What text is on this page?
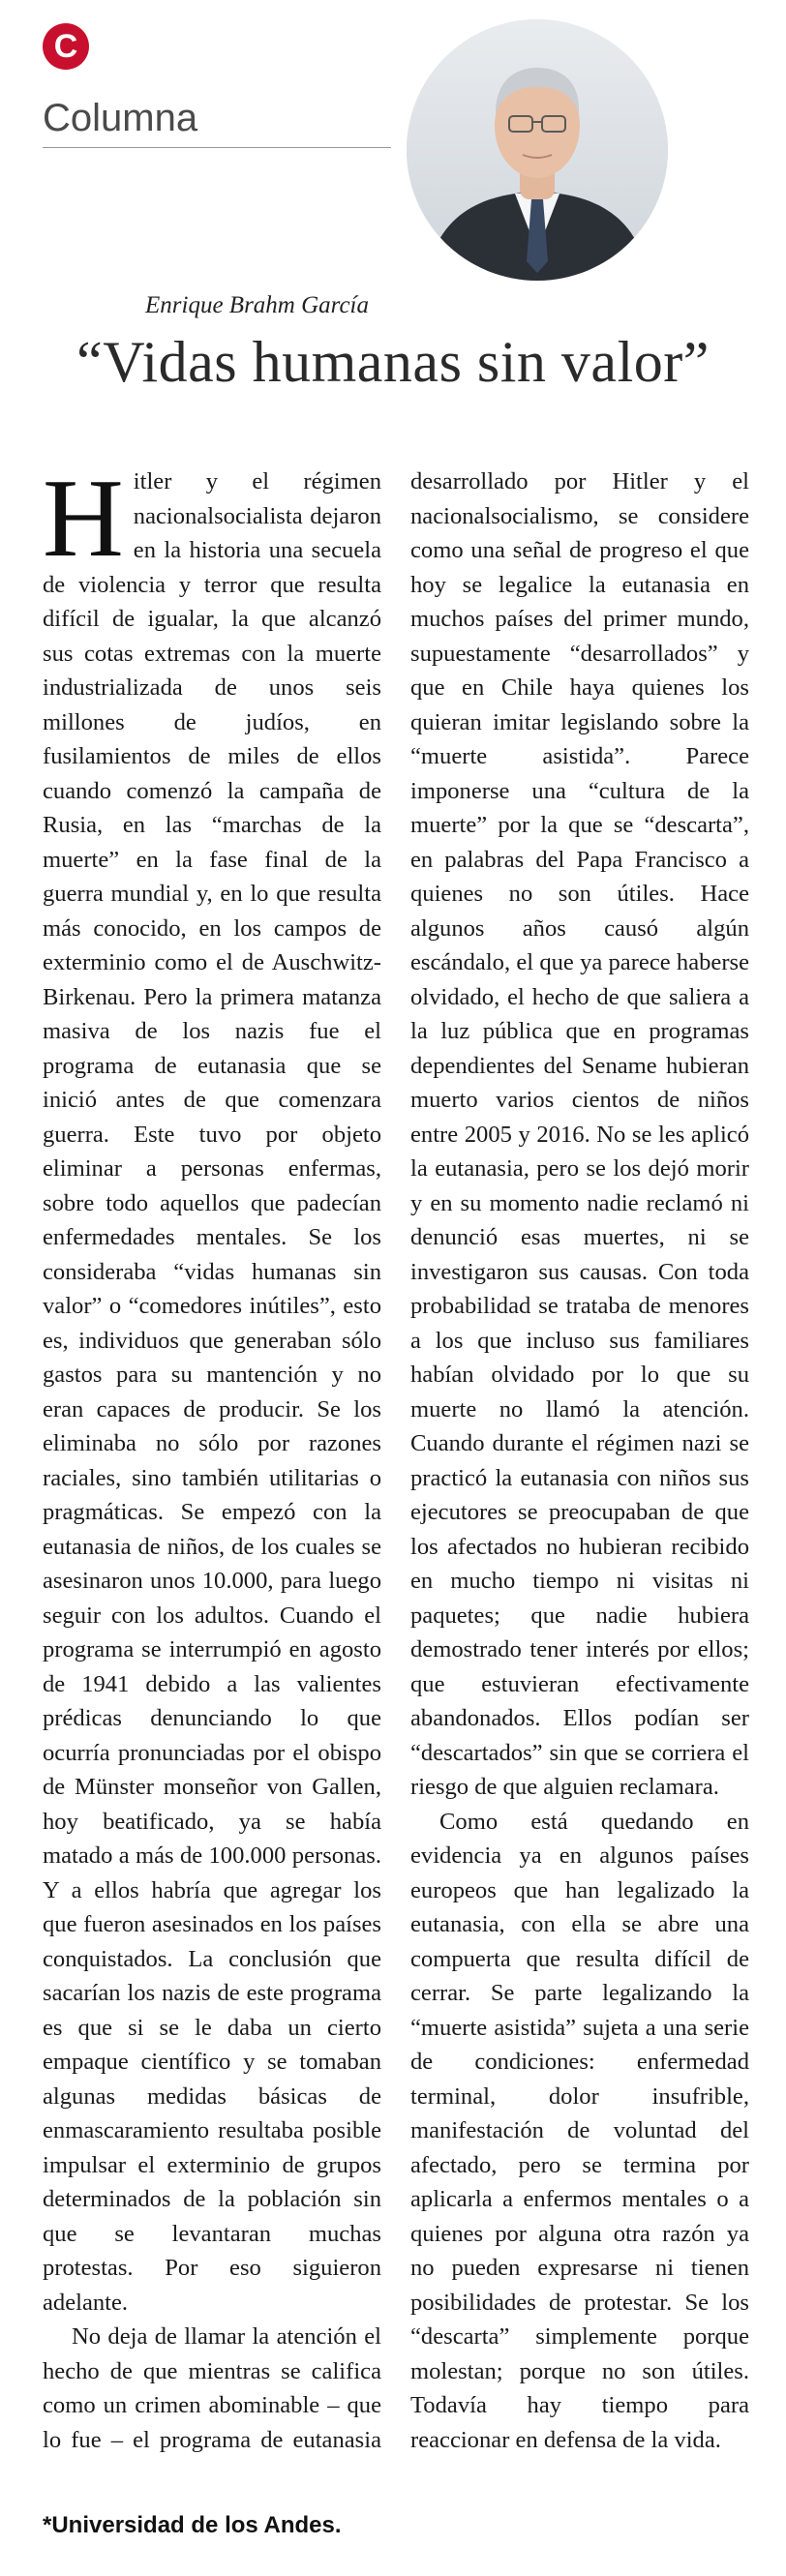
C
Columna
Enrique Brahm García
“Vidas humanas sin valor”

Hitler y el régimen nacionalsocialista dejaron en la historia una secuela de violencia y terror que resulta difícil de igualar, la que alcanzó sus cotas extremas con la muerte industrializada de unos seis millones de judíos, en fusilamientos de miles de ellos cuando comenzó la campaña de Rusia, en las “marchas de la muerte” en la fase final de la guerra mundial y, en lo que resulta más conocido, en los campos de exterminio como el de Auschwitz-Birkenau. Pero la primera matanza masiva de los nazis fue el programa de eutanasia que se inició antes de que comenzara guerra. Este tuvo por objeto eliminar a personas enfermas, sobre todo aquellos que padecían enfermedades mentales. Se los consideraba “vidas humanas sin valor” o “comedores inútiles”, esto es, individuos que generaban sólo gastos para su mantención y no eran capaces de producir. Se los eliminaba no sólo por razones raciales, sino también utilitarias o pragmáticas. Se empezó con la eutanasia de niños, de los cuales se asesinaron unos 10.000, para luego seguir con los adultos. Cuando el programa se interrumpió en agosto de 1941 debido a las valientes prédicas denunciando lo que ocurría pronunciadas por el obispo de Münster monseñor von Gallen, hoy beatificado, ya se había matado a más de 100.000 personas. Y a ellos habría que agregar los que fueron asesinados en los países conquistados. La conclusión que sacarían los nazis de este programa es que si se le daba un cierto empaque científico y se tomaban algunas medidas básicas de enmascaramiento resultaba posible impulsar el exterminio de grupos determinados de la población sin que se levantaran muchas protestas. Por eso siguieron adelante.

No deja de llamar la atención el hecho de que mientras se califica como un crimen abominable – que lo fue – el programa de eutanasia desarrollado por Hitler y el nacionalsocialismo, se considere como una señal de progreso el que hoy se legalice la eutanasia en muchos países del primer mundo, supuestamente “desarrollados” y que en Chile haya quienes los quieran imitar legislando sobre la “muerte asistida”. Parece imponerse una “cultura de la muerte” por la que se “descarta”, en palabras del Papa Francisco a quienes no son útiles. Hace algunos años causó algún escándalo, el que ya parece haberse olvidado, el hecho de que saliera a la luz pública que en programas dependientes del Sename hubieran muerto varios cientos de niños entre 2005 y 2016. No se les aplicó la eutanasia, pero se los dejó morir y en su momento nadie reclamó ni denunció esas muertes, ni se investigaron sus causas. Con toda probabilidad se trataba de menores a los que incluso sus familiares habían olvidado por lo que su muerte no llamó la atención. Cuando durante el régimen nazi se practicó la eutanasia con niños sus ejecutores se preocupaban de que los afectados no hubieran recibido en mucho tiempo ni visitas ni paquetes; que nadie hubiera demostrado tener interés por ellos; que estuvieran efectivamente abandonados. Ellos podían ser “descartados” sin que se corriera el riesgo de que alguien reclamara.

Como está quedando en evidencia ya en algunos países europeos que han legalizado la eutanasia, con ella se abre una compuerta que resulta difícil de cerrar. Se parte legalizando la “muerte asistida” sujeta a una serie de condiciones: enfermedad terminal, dolor insufrible, manifestación de voluntad del afectado, pero se termina por aplicarla a enfermos mentales o a quienes por alguna otra razón ya no pueden expresarse ni tienen posibilidades de protestar. Se los “descarta” simplemente porque molestan; porque no son útiles. Todavía hay tiempo para reaccionar en defensa de la vida.

*Universidad de los Andes.
